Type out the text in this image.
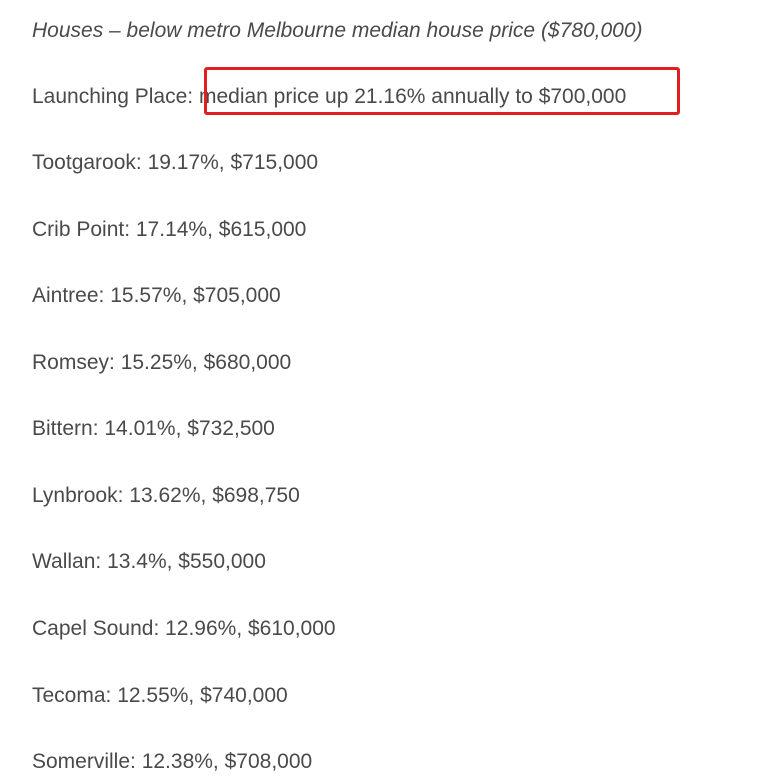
Houses – below metro Melbourne median house price ($780,000)

Launching Place: median price up 21.16% annually to $700,000

Tootgarook: 19.17%, $715,000

Crib Point: 17.14%, $615,000

Aintree: 15.57%, $705,000

Romsey: 15.25%, $680,000

Bittern: 14.01%, $732,500

Lynbrook: 13.62%, $698,750

Wallan: 13.4%, $550,000

Capel Sound: 12.96%, $610,000

Tecoma: 12.55%, $740,000

Somerville: 12.38%, $708,000
